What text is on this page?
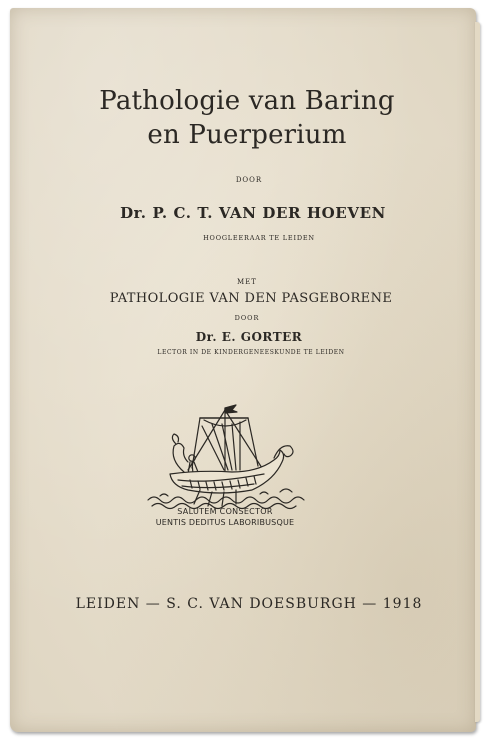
Pathologie van Baring
en Puerperium
DOOR
Dr. P. C. T. VAN DER HOEVEN
HOOGLEERAAR TE LEIDEN
MET
PATHOLOGIE VAN DEN PASGEBORENE
DOOR
Dr. E. GORTER
LECTOR IN DE KINDERGENEESKUNDE TE LEIDEN
SALUTEM CONSECTOR
UENTIS DEDITUS LABORIBUSQUE
LEIDEN — S. C. VAN DOESBURGH — 1918
